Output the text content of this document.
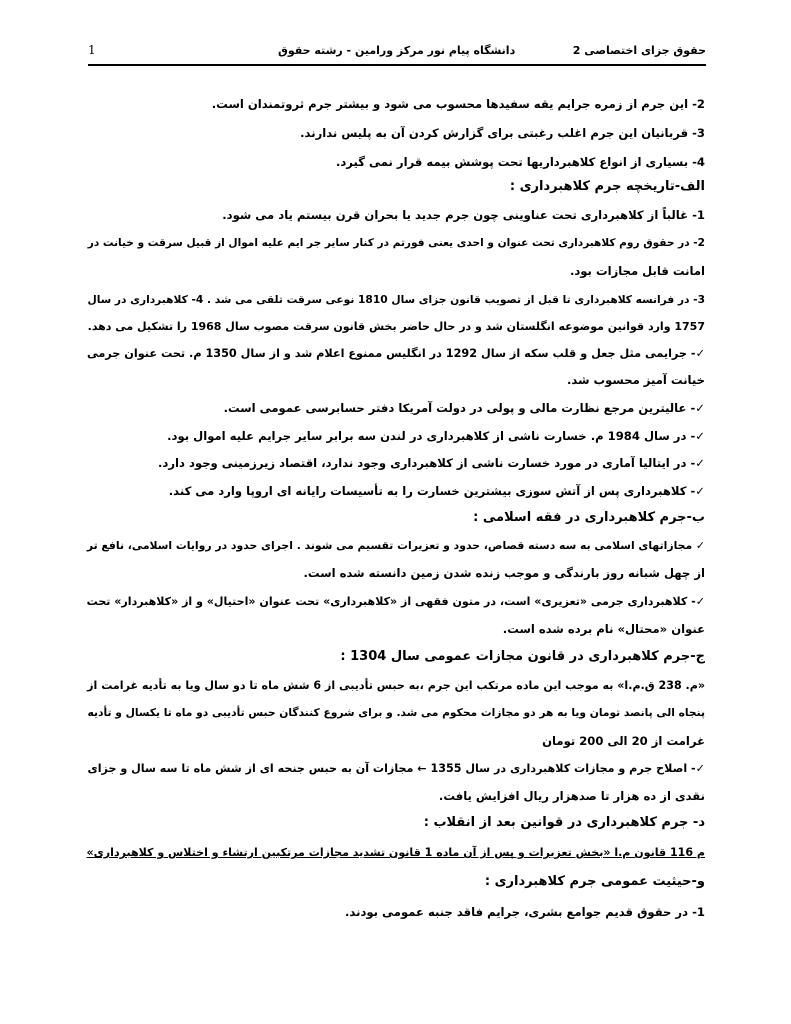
1	دانشگاه پیام نور مرکز ورامین - رشته حقوق	حقوق جزای اختصاصی 2
2- این جرم از زمره جرایم یقه سفیدها محسوب می شود و بیشتر جرم ثروتمندان است.
3- قربانیان این جرم اغلب رغبتی برای گزارش کردن آن به پلیس ندارند.
4- بسیاری از انواع کلاهبرداریها تحت پوشش بیمه قرار نمی گیرد.
الف-تاریخچه جرم کلاهبرداری :
1- غالباً از کلاهبرداری تحت عناوینی چون جرم جدید یا بحران قرن بیستم یاد می شود.
2- در حقوق روم کلاهبرداری تحت عنوان و احدی یعنی فورتم در کنار سایر جر ایم علیه اموال از قبیل سرقت و خیانت در
امانت قابل مجازات بود.
3- در فرانسه کلاهبرداری تا قبل از تصویب قانون جزای سال 1810 نوعی سرقت تلقی می شد . 4- کلاهبرداری در سال
1757 وارد قوانین موضوعه انگلستان شد و در حال حاضر بخش قانون سرقت مصوب سال 1968 را تشکیل می دهد.
✓- جرایمی مثل جعل و قلب سکه از سال 1292 در انگلیس ممنوع اعلام شد و از سال 1350 م. تحت عنوان جرمی
خیانت آمیز محسوب شد.
✓- عالیترین مرجع نظارت مالی و پولی در دولت آمریکا دفتر حسابرسی عمومی است.
✓- در سال 1984 م. خسارت ناشی از کلاهبرداری در لندن سه برابر سایر جرایم علیه اموال بود.
✓- در ایتالیا آماری در مورد خسارت ناشی از کلاهبرداری وجود ندارد، اقتصاد زیرزمینی وجود دارد.
✓- کلاهبرداری پس از آتش سوزی بیشترین خسارت را به تأسیسات رایانه ای اروپا وارد می کند.
ب-جرم کلاهبرداری در فقه اسلامی :
✓ مجازاتهای اسلامی به سه دسته قصاص، حدود و تعزیرات تقسیم می شوند . اجرای حدود در روایات اسلامی، نافع تر
از چهل شبانه روز بارندگی و موجب زنده شدن زمین دانسته شده است.
✓- کلاهبرداری جرمی «تعزیری» است، در متون فقهی از «کلاهبرداری» تحت عنوان «احتیال» و از «کلاهبردار» تحت
عنوان «محتال» نام برده شده است.
ج-جرم کلاهبرداری در قانون مجازات عمومی سال 1304 :
«م. 238 ق.م.ا» به موجب این ماده مرتکب این جرم ،به حبس تأدیبی از 6 شش ماه تا دو سال ویا به تأدیه غرامت از
پنجاه الی پانصد تومان ویا به هر دو مجازات محکوم می شد. و برای شروع کنندگان حبس تأدیبی دو ماه تا یکسال و تأدیه
غرامت از 20 الی 200 تومان
✓- اصلاح جرم و مجازات کلاهبرداری در سال 1355 ← مجازات آن به حبس جنحه ای از شش ماه تا سه سال و جزای
نقدی از ده هزار تا صدهزار ریال افزایش یافت.
د- جرم کلاهبرداری در قوانین بعد از انقلاب :
م 116 قانون م.ا «بخش تعزیرات و پس از آن ماده 1 قانون تشدید مجازات مرتکبین ارتشاء و اختلاس و کلاهبرداری»
و-حیثیت عمومی جرم کلاهبرداری :
1- در حقوق قدیم جوامع بشری، جرایم فاقد جنبه عمومی بودند.
